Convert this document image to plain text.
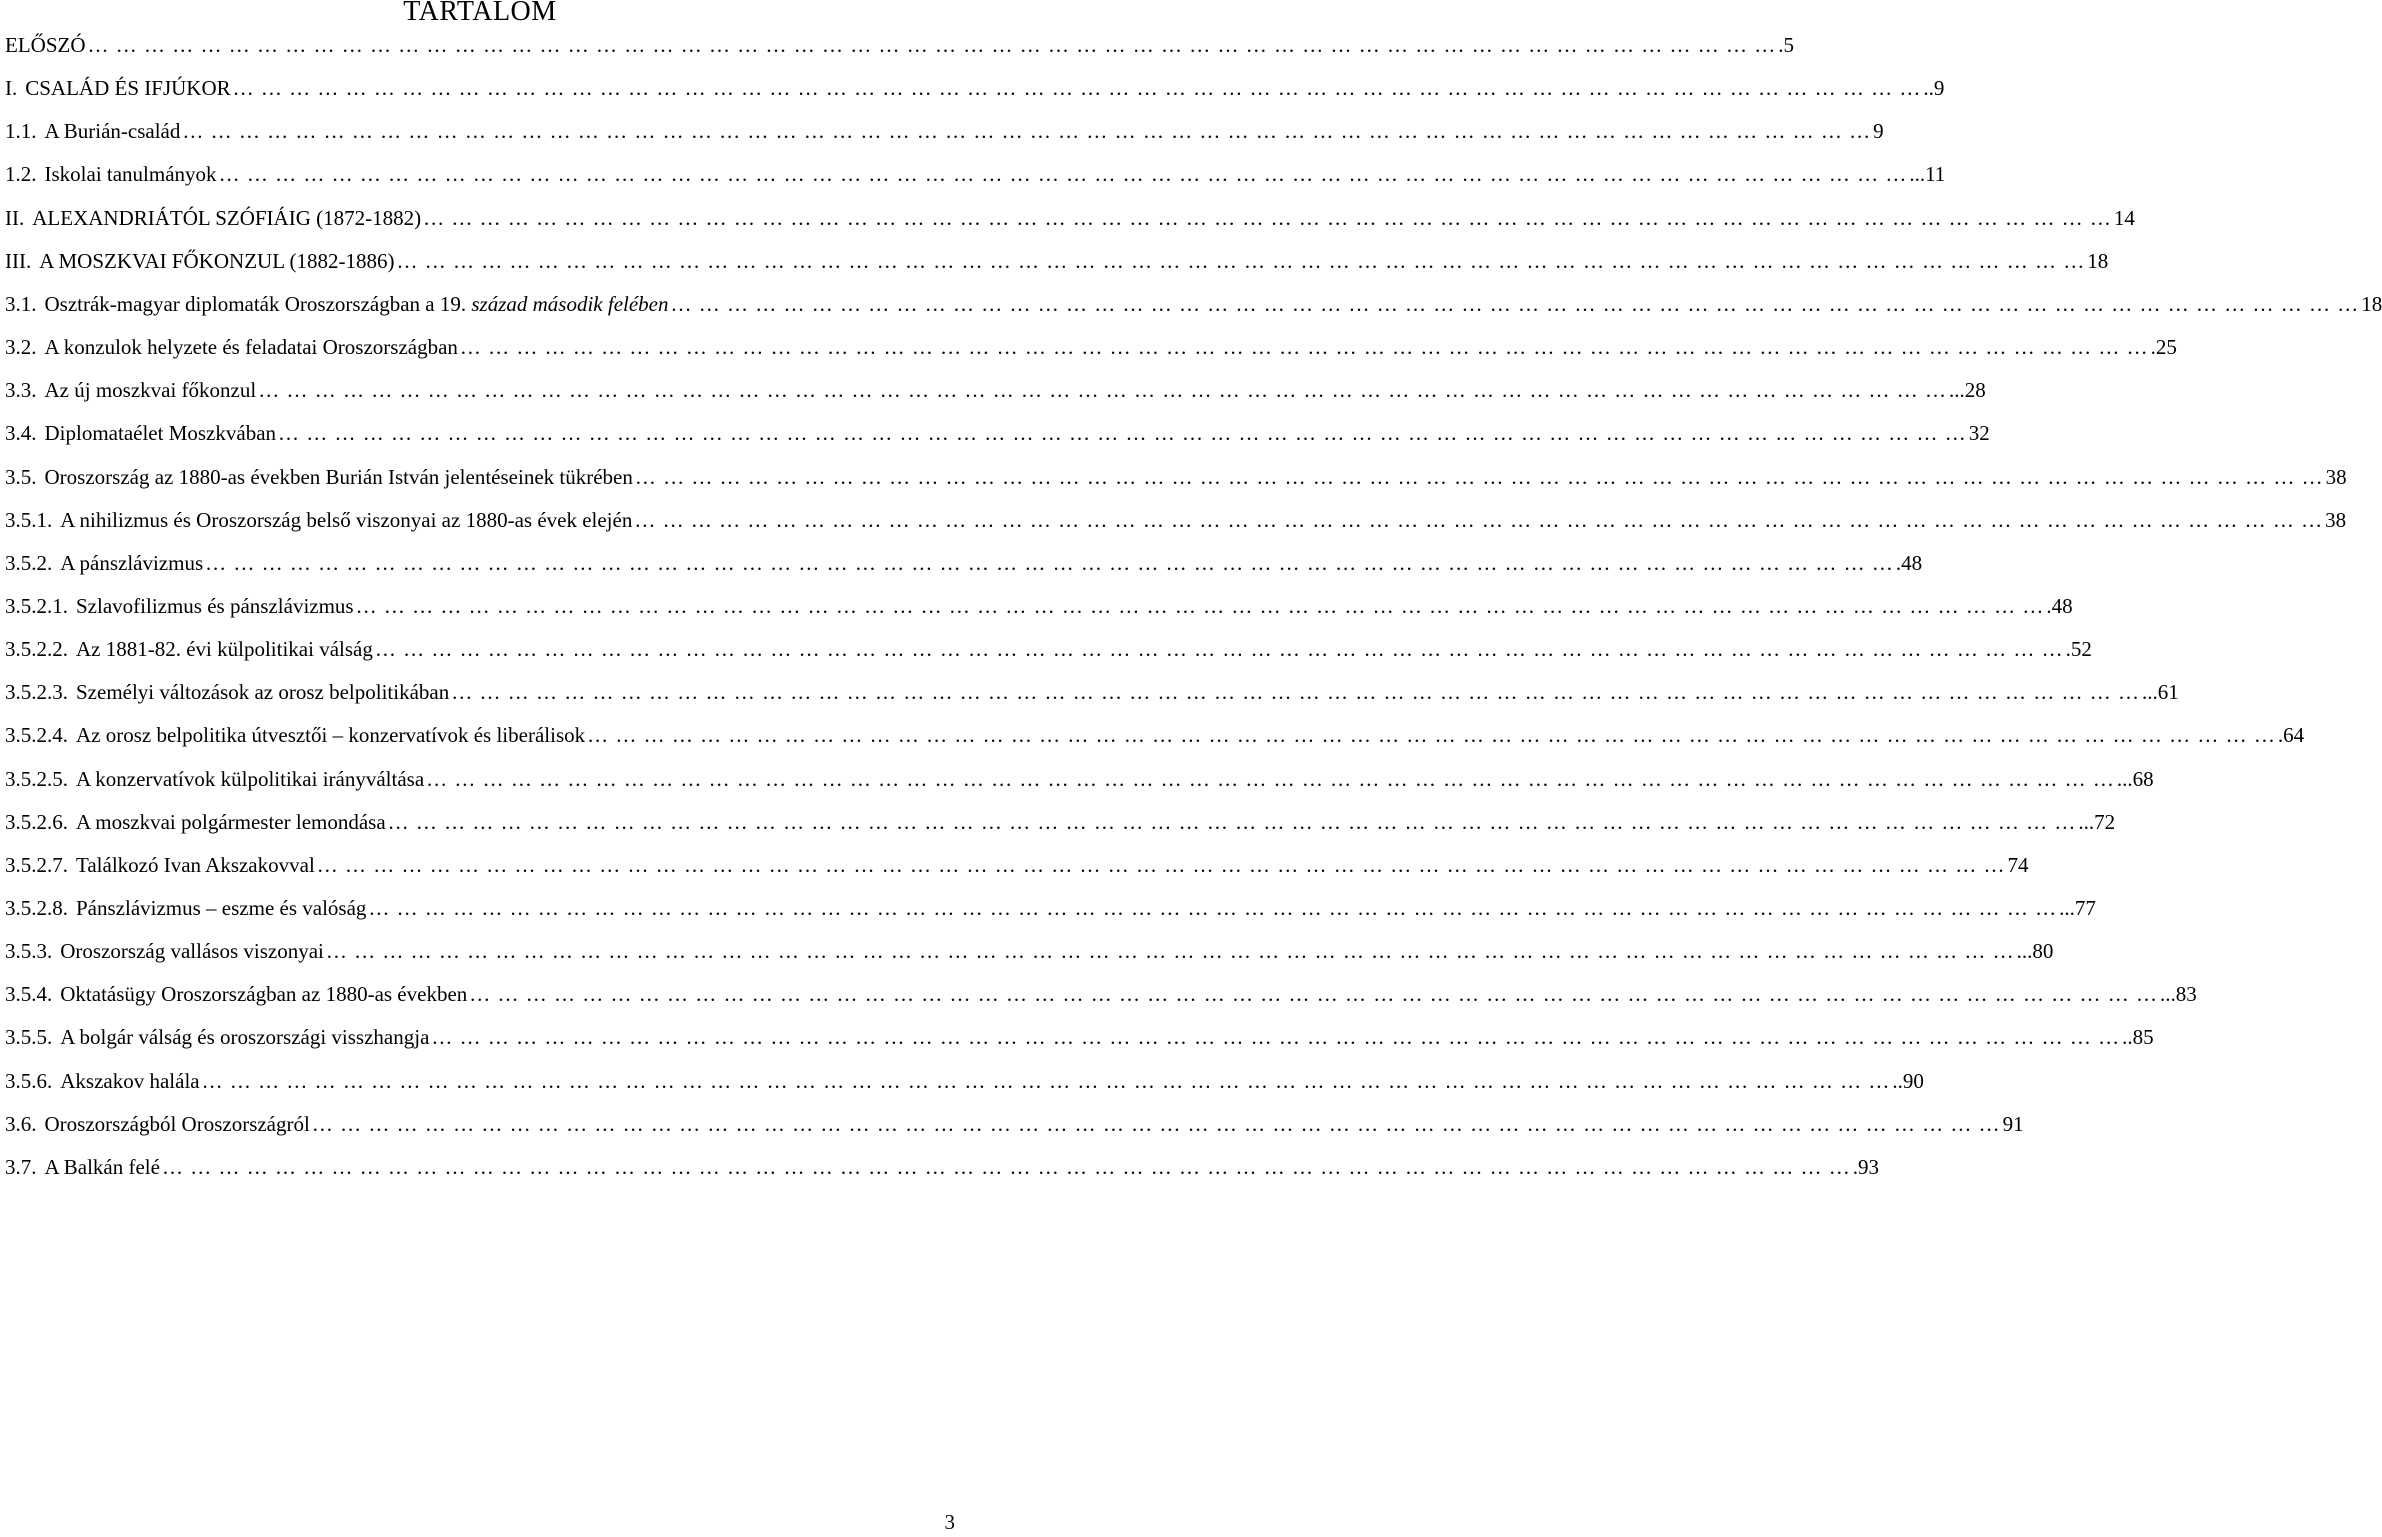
TARTALOM
ELŐSZÓ … … … … … … … … … … … … … … … … … … … … … … … … … … … … … … … … … … … … … … … … … … … … … … … … … … … … … … … … … … … …	.5
I. CSALÁD ÉS IFJÚKOR … … … … … … … … … … … … … … … … … … … … … … … … … … … … … … … … … … … … … … … … … … … … … … … … … … … … … … … … … … … …	..9
1.1. A Burián-család … … … … … … … … … … … … … … … … … … … … … … … … … … … … … … … … … … … … … … … … … … … … … … … … … … … … … … … … … … … …	9
1.2. Iskolai tanulmányok … … … … … … … … … … … … … … … … … … … … … … … … … … … … … … … … … … … … … … … … … … … … … … … … … … … … … … … … … … … …	...11
II. ALEXANDRIÁTÓL SZÓFIÁIG (1872-1882) … … … … … … … … … … … … … … … … … … … … … … … … … … … … … … … … … … … … … … … … … … … … … … … … … … … … … … … … … … … …	14
III. A MOSZKVAI FŐKONZUL (1882-1886) … … … … … … … … … … … … … … … … … … … … … … … … … … … … … … … … … … … … … … … … … … … … … … … … … … … … … … … … … … … …	18
3.1. Osztrák-magyar diplomaták Oroszországban a 19. század második felében … … … … … … … … … … … … … … … … … … … … … … … … … … … … … … … … … … … … … … … … … … … … … … … … … … … … … … … … … … … …	18
3.2. A konzulok helyzete és feladatai Oroszországban … … … … … … … … … … … … … … … … … … … … … … … … … … … … … … … … … … … … … … … … … … … … … … … … … … … … … … … … … … … …	.25
3.3. Az új moszkvai főkonzul … … … … … … … … … … … … … … … … … … … … … … … … … … … … … … … … … … … … … … … … … … … … … … … … … … … … … … … … … … … …	...28
3.4. Diplomataélet Moszkvában … … … … … … … … … … … … … … … … … … … … … … … … … … … … … … … … … … … … … … … … … … … … … … … … … … … … … … … … … … … …	32
3.5. Oroszország az 1880-as években Burián István jelentéseinek tükrében … … … … … … … … … … … … … … … … … … … … … … … … … … … … … … … … … … … … … … … … … … … … … … … … … … … … … … … … … … … …	38
3.5.1. A nihilizmus és Oroszország belső viszonyai az 1880-as évek elején … … … … … … … … … … … … … … … … … … … … … … … … … … … … … … … … … … … … … … … … … … … … … … … … … … … … … … … … … … … …	38
3.5.2. A pánszlávizmus … … … … … … … … … … … … … … … … … … … … … … … … … … … … … … … … … … … … … … … … … … … … … … … … … … … … … … … … … … … …	.48
3.5.2.1. Szlavofilizmus és pánszlávizmus … … … … … … … … … … … … … … … … … … … … … … … … … … … … … … … … … … … … … … … … … … … … … … … … … … … … … … … … … … … …	.48
3.5.2.2. Az 1881-82. évi külpolitikai válság … … … … … … … … … … … … … … … … … … … … … … … … … … … … … … … … … … … … … … … … … … … … … … … … … … … … … … … … … … … …	.52
3.5.2.3. Személyi változások az orosz belpolitikában … … … … … … … … … … … … … … … … … … … … … … … … … … … … … … … … … … … … … … … … … … … … … … … … … … … … … … … … … … … …	...61
3.5.2.4. Az orosz belpolitika útvesztői – konzervatívok és liberálisok … … … … … … … … … … … … … … … … … … … … … … … … … … … … … … … … … … … … … … … … … … … … … … … … … … … … … … … … … … … …	.64
3.5.2.5. A konzervatívok külpolitikai irányváltása … … … … … … … … … … … … … … … … … … … … … … … … … … … … … … … … … … … … … … … … … … … … … … … … … … … … … … … … … … … …	...68
3.5.2.6. A moszkvai polgármester lemondása … … … … … … … … … … … … … … … … … … … … … … … … … … … … … … … … … … … … … … … … … … … … … … … … … … … … … … … … … … … …	...72
3.5.2.7. Találkozó Ivan Akszakovval … … … … … … … … … … … … … … … … … … … … … … … … … … … … … … … … … … … … … … … … … … … … … … … … … … … … … … … … … … … …	74
3.5.2.8. Pánszlávizmus – eszme és valóság … … … … … … … … … … … … … … … … … … … … … … … … … … … … … … … … … … … … … … … … … … … … … … … … … … … … … … … … … … … …	...77
3.5.3. Oroszország vallásos viszonyai … … … … … … … … … … … … … … … … … … … … … … … … … … … … … … … … … … … … … … … … … … … … … … … … … … … … … … … … … … … …	...80
3.5.4. Oktatásügy Oroszországban az 1880-as években … … … … … … … … … … … … … … … … … … … … … … … … … … … … … … … … … … … … … … … … … … … … … … … … … … … … … … … … … … … …	...83
3.5.5. A bolgár válság és oroszországi visszhangja … … … … … … … … … … … … … … … … … … … … … … … … … … … … … … … … … … … … … … … … … … … … … … … … … … … … … … … … … … … …	..85
3.5.6. Akszakov halála … … … … … … … … … … … … … … … … … … … … … … … … … … … … … … … … … … … … … … … … … … … … … … … … … … … … … … … … … … … …	..90
3.6. Oroszországból Oroszországról … … … … … … … … … … … … … … … … … … … … … … … … … … … … … … … … … … … … … … … … … … … … … … … … … … … … … … … … … … … …	91
3.7. A Balkán felé … … … … … … … … … … … … … … … … … … … … … … … … … … … … … … … … … … … … … … … … … … … … … … … … … … … … … … … … … … … …	.93
3
